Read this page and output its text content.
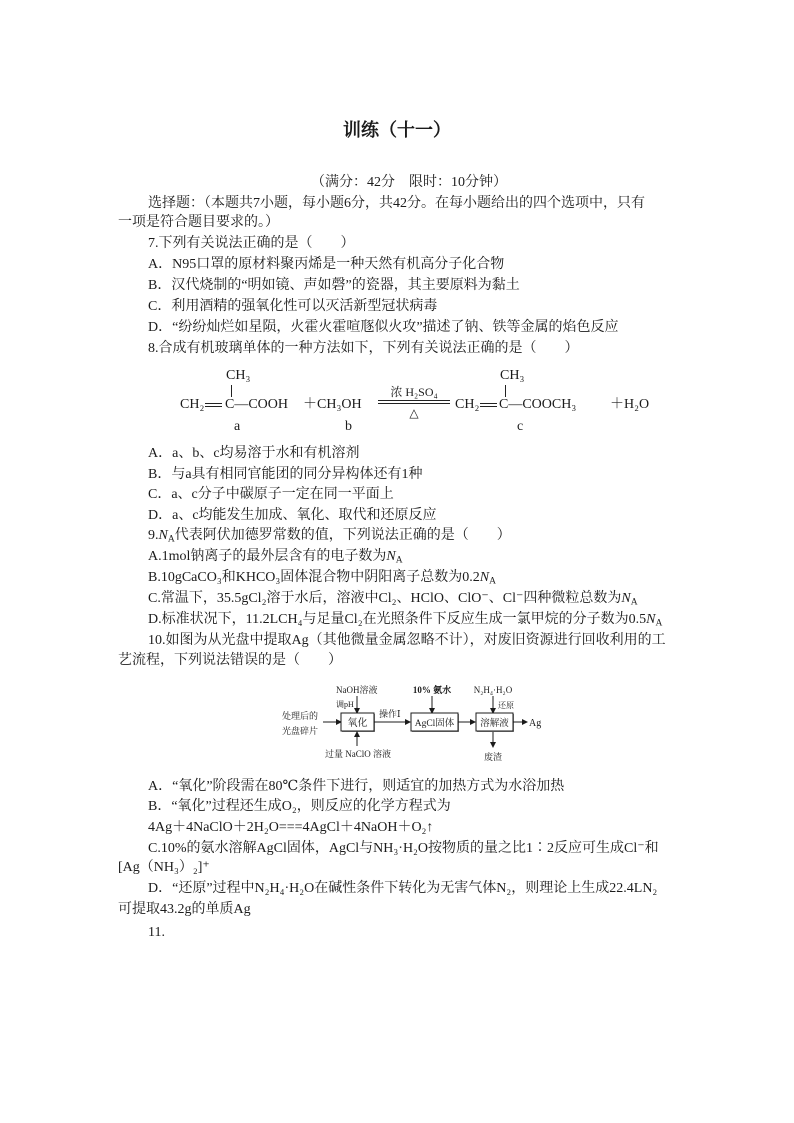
训练（十一）
（满分：42分　限时：10分钟）
选择题：（本题共7小题，每小题6分，共42分。在每小题给出的四个选项中，只有
一项是符合题目要求的。）
7.下列有关说法正确的是（　　）
A．N95口罩的原材料聚丙烯是一种天然有机高分子化合物
B．汉代烧制的“明如镜、声如磬”的瓷器，其主要原料为黏土
C．利用酒精的强氧化性可以灭活新型冠状病毒
D．“纷纷灿烂如星陨，火霍火霍喧豗似火攻”描述了钠、铁等金属的焰色反应
8.合成有机玻璃单体的一种方法如下，下列有关说法正确的是（　　）
CH₃
CH₂ C—COOH
a
＋CH₃OH
b
浓 H₂SO₄
△
CH₃
CH₂ C—COOCH₃
c
＋H₂O
A．a、b、c均易溶于水和有机溶剂
B．与a具有相同官能团的同分异构体还有1种
C．a、c分子中碳原子一定在同一平面上
D．a、c均能发生加成、氧化、取代和还原反应
$9.N_A$代表阿伏加德罗常数的值，下列说法正确的是（　　）
A.1mol钠离子的最外层含有的电子数为$N_A$
B.10gCaCO₃和KHCO₃固体混合物中阴阳离子总数为$0.2N_A$
C.常温下，35.5gCl₂溶于水后，溶液中Cl₂、HClO、ClO⁻、Cl⁻四种微粒总数为$N_A$
D.标准状况下，11.2LCH₄与足量Cl₂在光照条件下反应生成一氯甲烷的分子数为$0.5N_A$
10.如图为从光盘中提取Ag（其他微量金属忽略不计），对废旧资源进行回收利用的工
艺流程，下列说法错误的是（　　）
处理后的
光盘碎片
NaOH溶液
调pH
氧化
过量 NaClO 溶液
操作Ⅰ
10% 氨水
AgCl固体
N₂H₄·H₂O
还原
溶解液
废渣
Ag
A．“氧化”阶段需在80℃条件下进行，则适宜的加热方式为水浴加热
B．“氧化”过程还生成O₂，则反应的化学方程式为
4Ag＋4NaClO＋2H₂O===4AgCl＋4NaOH＋O₂↑
C.10%的氨水溶解AgCl固体，AgCl与NH₃·H₂O按物质的量之比1∶2反应可生成Cl⁻和
[Ag（NH₃）₂]⁺
D．“还原”过程中N₂H₄·H₂O在碱性条件下转化为无害气体N₂，则理论上生成22.4LN₂
可提取43.2g的单质Ag
11.
